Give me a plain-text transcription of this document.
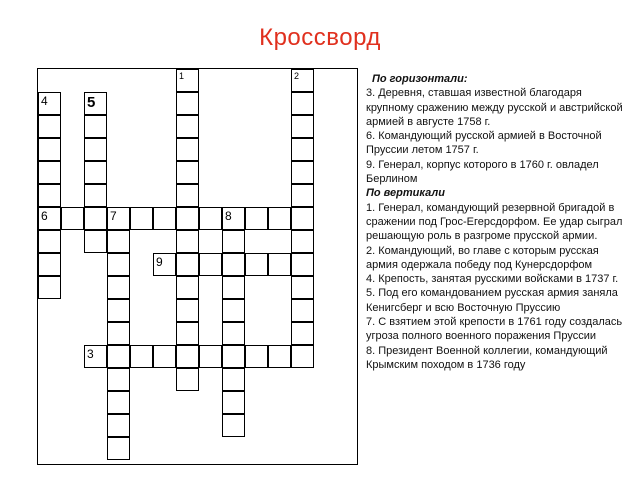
Кроссворд
1	2
4	5
6	7	8
9
3

По горизонтали:

3. Деревня, ставшая известной благодаря крупному сражению между русской и австрийской армией в августе 1758 г.

6. Командующий русской армией в Восточной Пруссии летом 1757 г.

9. Генерал, корпус которого в 1760 г. овладел Берлином

По вертикали

1. Генерал, командующий резервной бригадой в сражении под Грос-Егерсдорфом. Ее удар сыграл решающую роль в разгроме прусской армии.

2. Командующий, во главе с которым русская армия одержала победу под Кунерсдорфом

4. Крепость, занятая русскими войсками в 1737 г.

5. Под его командованием русская армия заняла Кенигсберг и всю Восточную Пруссию

7. С взятием этой крепости в 1761 году создалась угроза полного военного поражения Пруссии

8. Президент Военной коллегии, командующий Крымским походом в 1736 году
